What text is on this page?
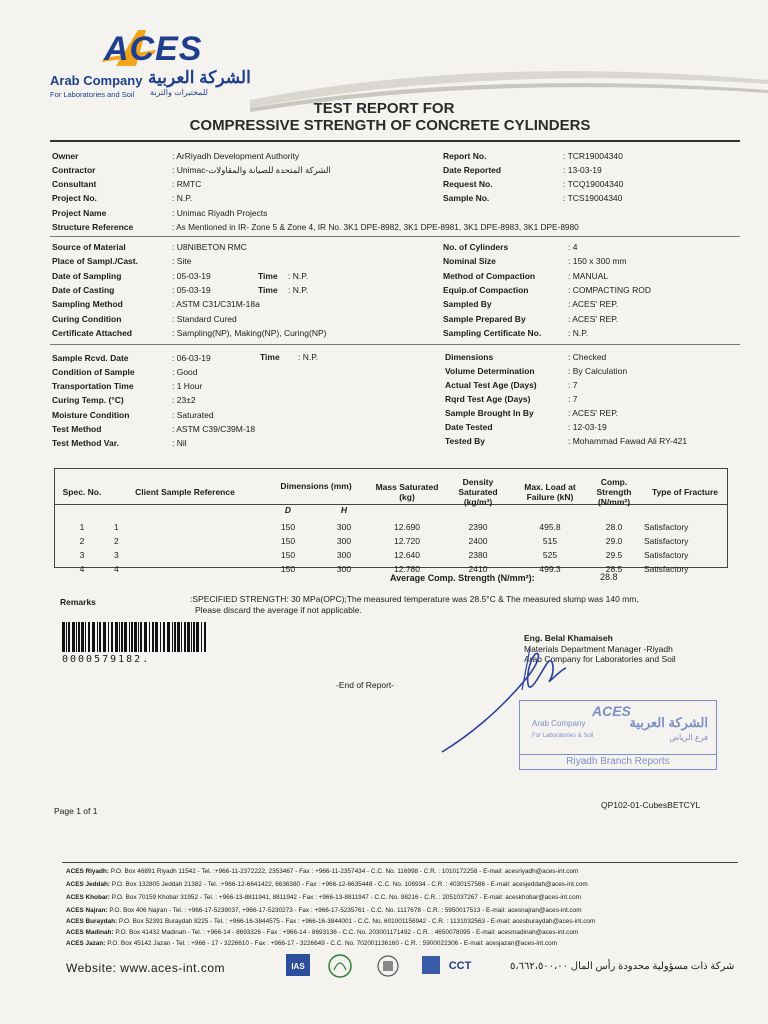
ACES
Arab Company الشركة العربية
For Laboratories and Soil للمختبرات والتربة
TEST REPORT FOR
COMPRESSIVE STRENGTH OF CONCRETE CYLINDERS
Owner	: ArRiyadh Development Authority
Contractor	: Unimac-الشركة المتحدة للصيانة والمقاولات
Consultant	: RMTC
Project No.	: N.P.
Project Name	: Unimac Riyadh Projects
Structure Reference	: As Mentioned in IR- Zone 5 & Zone 4, IR No. 3K1 DPE-8982, 3K1 DPE-8981, 3K1 DPE-8983, 3K1 DPE-8980
Report No.	: TCR19004340
Date Reported	: 13-03-19
Request No.	: TCQ19004340
Sample No.	: TCS19004340
Source of Material	: U8NIBETON RMC
Place of Sampl./Cast.	: Site
Date of Sampling	: 05-03-19	Time : N.P.
Date of Casting	: 05-03-19	Time : N.P.
Sampling Method	: ASTM C31/C31M-18a
Curing Condition	: Standard Cured
Certificate Attached	: Sampling(NP), Making(NP), Curing(NP)
No. of Cylinders	: 4
Nominal Size	: 150 x 300 mm
Method of Compaction	: MANUAL
Equip.of Compaction	: COMPACTING ROD
Sampled By	: ACES' REP.
Sample Prepared By	: ACES' REP.
Sampling Certificate No.	: N.P.
Sample Rcvd. Date	: 06-03-19	Time : N.P.
Condition of Sample	: Good
Transportation Time	: 1 Hour
Curing Temp. (°C)	: 23±2
Moisture Condition	: Saturated
Test Method	: ASTM C39/C39M-18
Test Method Var.	: Nil
Dimensions	: Checked
Volume Determination	: By Calculation
Actual Test Age (Days)	: 7
Rqrd Test Age (Days)	: 7
Sample Brought In By	: ACES' REP.
Date Tested	: 12-03-19
Tested By	: Mohammad Fawad Ali RY-421
Spec. No.	Client Sample Reference	Dimensions (mm)		Mass Saturated (kg)	Density Saturated (kg/m³)	Max. Load at Failure (kN)	Comp. Strength (N/mm²)	Type of Fracture
		D	H					

1	1	150	300	12.690	2390	495.8	28.0	Satisfactory
2	2	150	300	12.720	2400	515	29.0	Satisfactory
3	3	150	300	12.640	2380	525	29.5	Satisfactory
4	4	150	300	12.780	2410	499.3	28.5	Satisfactory
Average Comp. Strength (N/mm²):	28.8
Remarks	:SPECIFIED STRENGTH: 30 MPa(OPC);The measured temperature was 28.5°C & The measured slump was 140 mm,
Please discard the average if not applicable.
0000579182.
Eng. Belal Khamaiseh
Materials Department Manager -Riyadh
Arab Company for Laboratories and Soil
-End of Report-
ACES
Arab Company	الشركة العربية
For Laboratories & Soil	فرع الرياض
Riyadh Branch Reports
Page 1 of 1
QP102-01-CubesBETCYL
ACES Riyadh: P.O. Box 46891 Riyadh 11542 - Tel. :+966-11-2372222, 2353467 - Fax : +966-11-2357434 - C.C. No. 116998 - C.R. : 1010172258 - E-mail: acesriyadh@aces-int.com
ACES Jeddah: P.O. Box 132805 Jeddah 21382 - Tel. :+966-12-6641422, 6636380 - Fax : +966-12-6635448 - C.C. No. 106934 - C.R. : 4030157586 - E-mail: acesjeddah@aces-int.com
ACES Khobar: P.O. Box 70159 Khobar 31952 - Tel. : +966-13-8811941, 8811942 - Fax : +966-13-8811947 - C.C. No. 98216 - C.R. : 2051037267 - E-mail: aceskhobar@aces-int.com
ACES Najran: P.O. Box 406 Najran - Tel. : +966-17-5239037, +966-17-5230273 - Fax : +966-17-5235761 - C.C. No. 1117678 - C.R. : 5950017513 - E-mail: acesnajran@aces-int.com
ACES Buraydah: P.O. Box 52391 Buraydah 8225 - Tel. : +966-16-3844575 - Fax : +966-16-3844001 - C.C. No. 601001156942 - C.R. : 1131032563 - E-mail: acesburaydah@aces-int.com
ACES Madinah: P.O. Box 41432 Madinah - Tel. : +966-14 - 8693326 - Fax : +966-14 - 8693136 - C.C. No. 203001171492 - C.R. : 4650078095 - E-mail: acesmadinah@aces-int.com
ACES Jazan: P.O. Box 45142 Jazan - Tel. : +966 - 17 - 3226610 - Fax : +966-17 - 3226649 - C.C. No. 702001136160 - C.R. : 5900022306 - E-mail: acesjazan@aces-int.com
Website: www.aces-int.com	شركة ذات مسؤولية محدودة رأس المال ٥،٦٦٢،٥٠٠،٠٠
IAS	CCT
